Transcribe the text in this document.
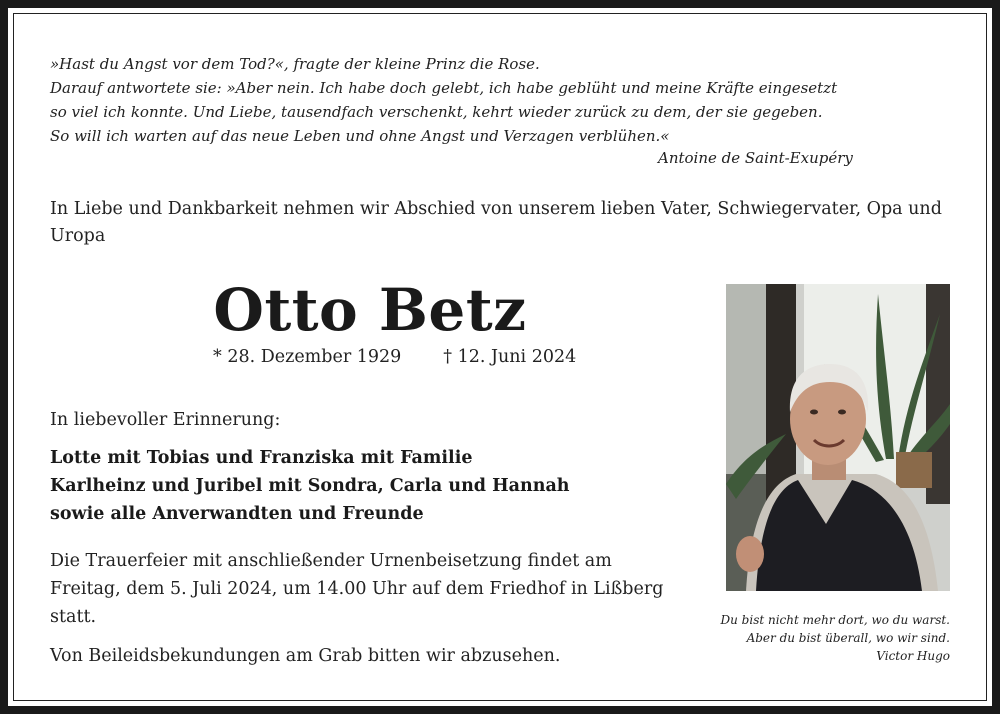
»Hast du Angst vor dem Tod?«, fragte der kleine Prinz die Rose.
Darauf antwortete sie: »Aber nein. Ich habe doch gelebt, ich habe geblüht und meine Kräfte eingesetzt
so viel ich konnte. Und Liebe, tausendfach verschenkt, kehrt wieder zurück zu dem, der sie gegeben.
So will ich warten auf das neue Leben und ohne Angst und Verzagen verblühen.«
Antoine de Saint-Exupéry
In Liebe und Dankbarkeit nehmen wir Abschied von unserem lieben Vater, Schwiegervater, Opa und Uropa
Otto Betz
* 28. Dezember 1929 † 12. Juni 2024
In liebevoller Erinnerung:
Lotte mit Tobias und Franziska mit Familie
Karlheinz und Juribel mit Sondra, Carla und Hannah
sowie alle Anverwandten und Freunde
Die Trauerfeier mit anschließender Urnenbeisetzung findet am
Freitag, dem 5. Juli 2024, um 14.00 Uhr auf dem Friedhof in Lißberg
statt.
Von Beileidsbekundungen am Grab bitten wir abzusehen.
Du bist nicht mehr dort, wo du warst.
Aber du bist überall, wo wir sind.
Victor Hugo
